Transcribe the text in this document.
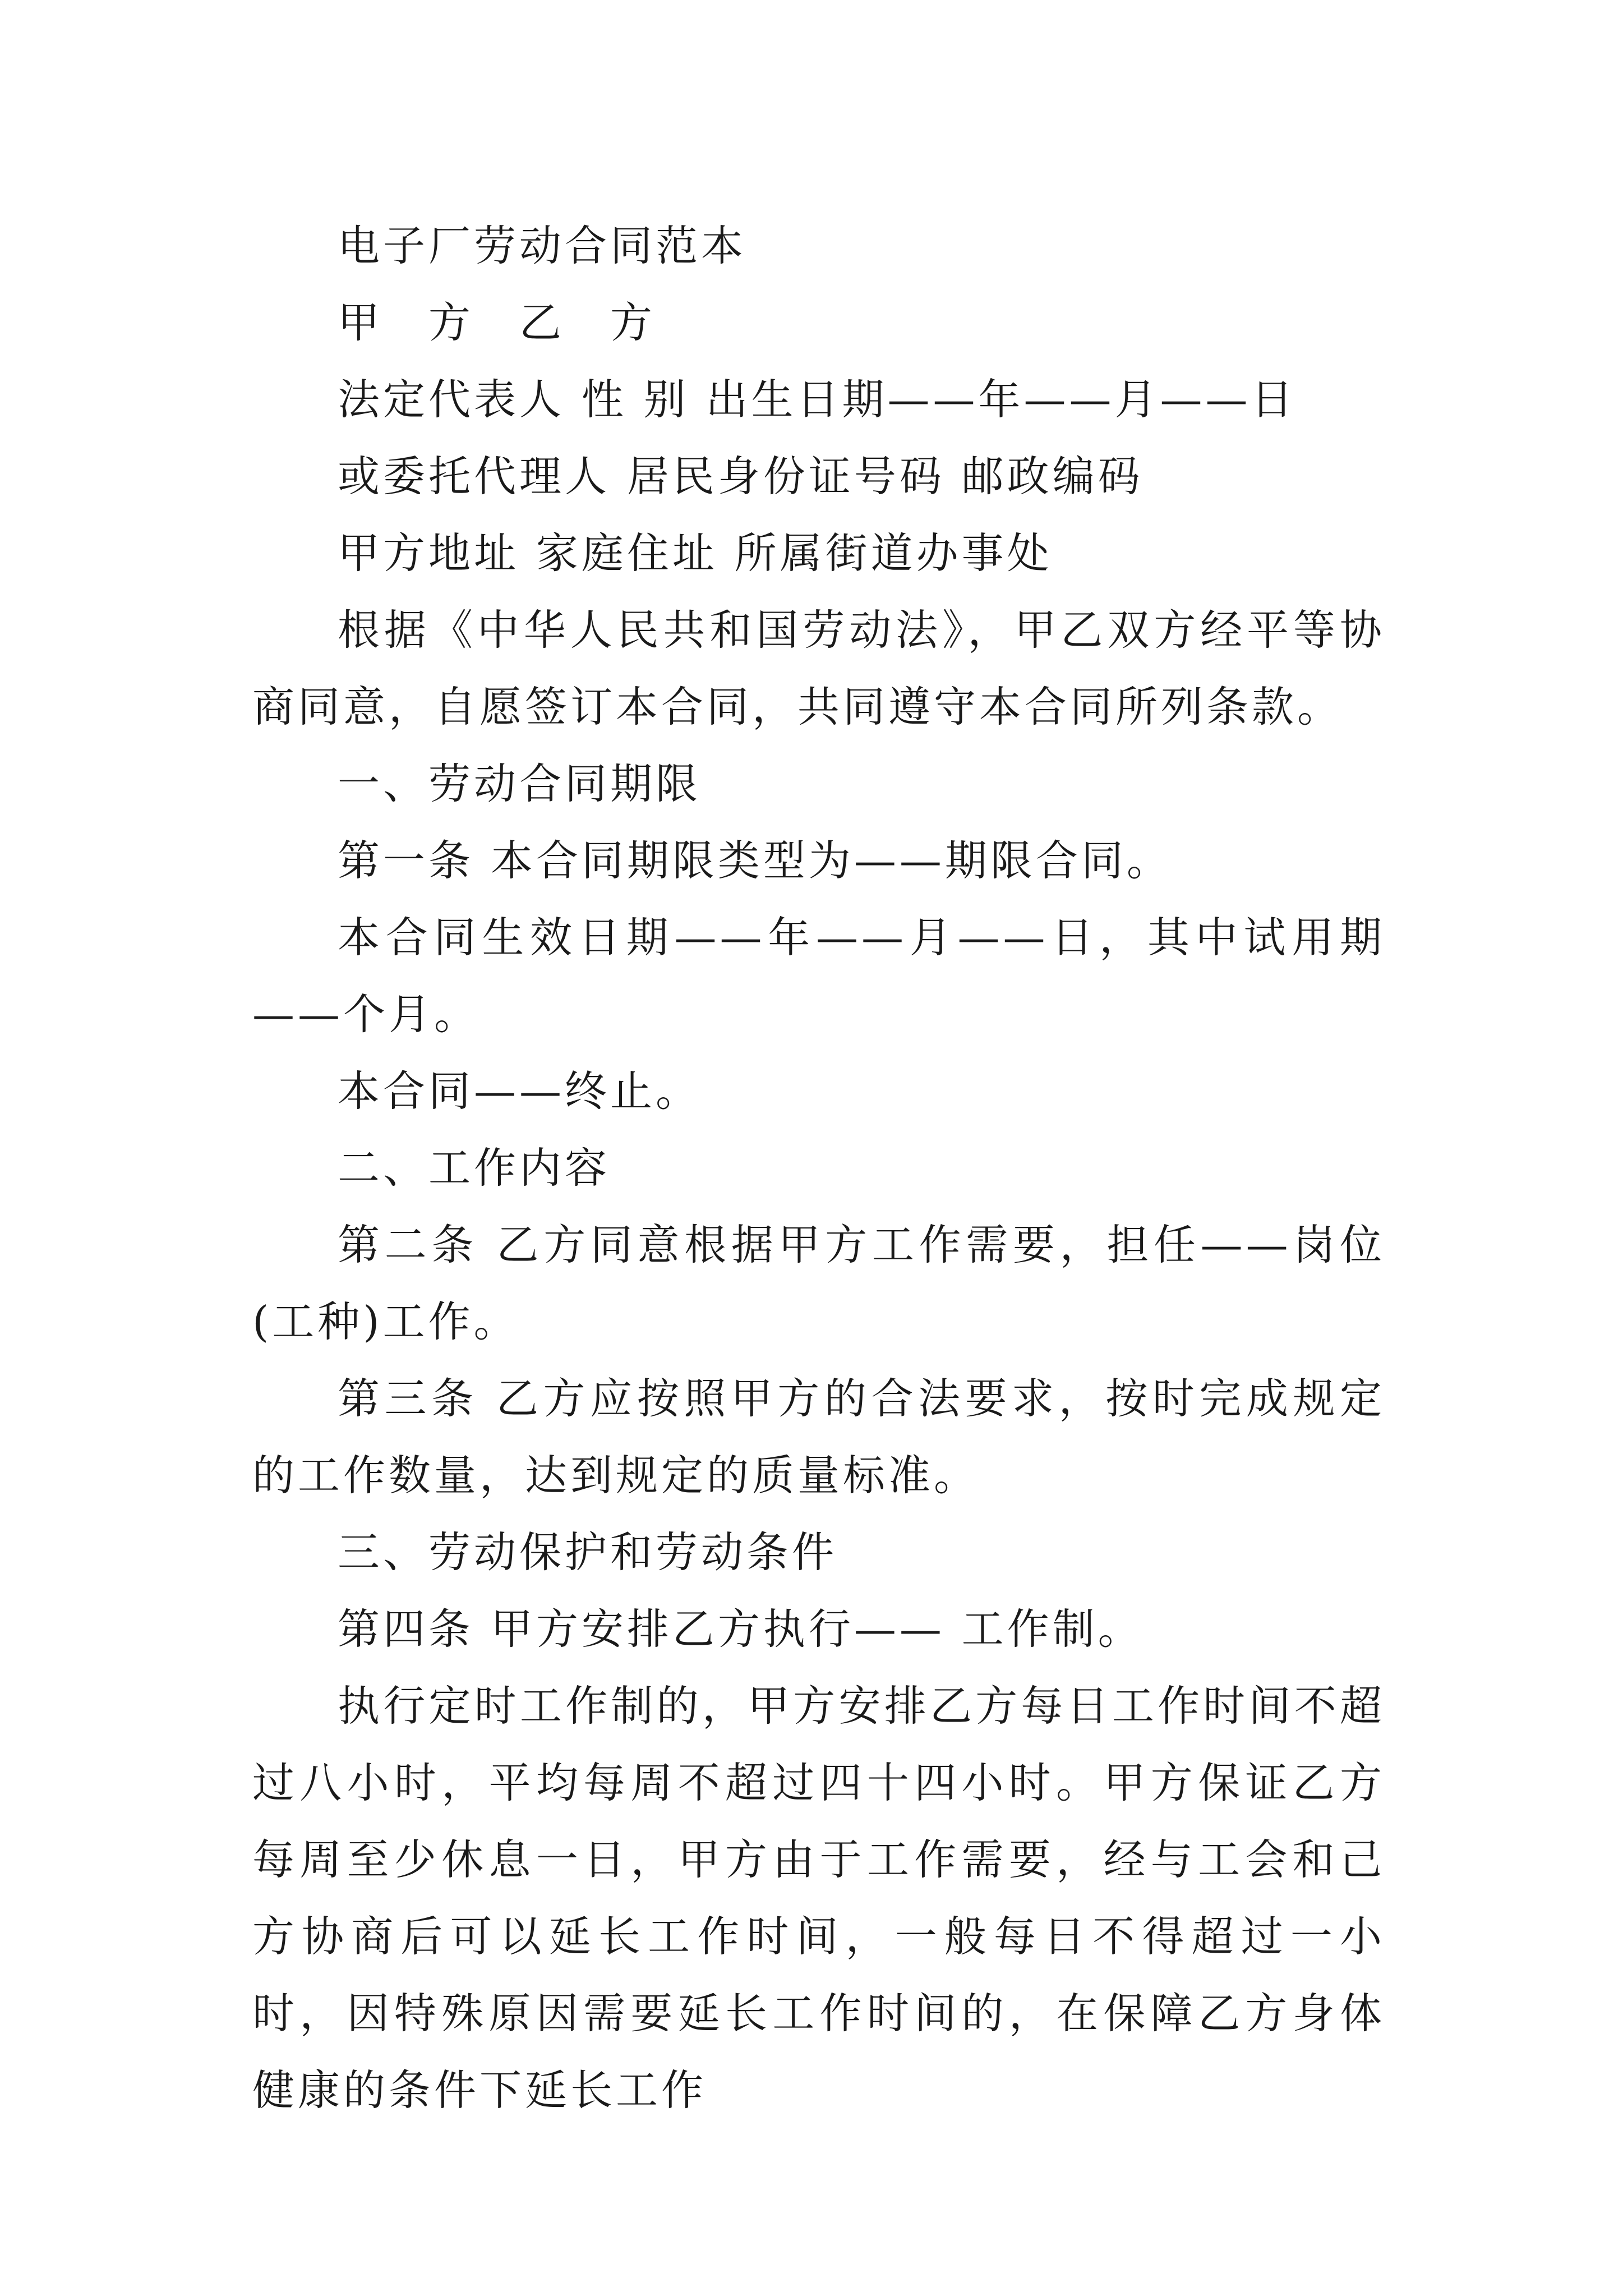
电子厂劳动合同范本

甲　方　乙　方

法定代表人 性 别 出生日期——年——月——日

或委托代理人 居民身份证号码 邮政编码

甲方地址 家庭住址 所属街道办事处

根据《中华人民共和国劳动法》，甲乙双方经平等协商同意，自愿签订本合同，共同遵守本合同所列条款。

一、劳动合同期限

第一条 本合同期限类型为——期限合同。

本合同生效日期——年——月——日，其中试用期——个月。

本合同——终止。

二、工作内容

第二条 乙方同意根据甲方工作需要，担任——岗位(工种)工作。

第三条 乙方应按照甲方的合法要求，按时完成规定的工作数量，达到规定的质量标准。

三、劳动保护和劳动条件

第四条 甲方安排乙方执行—— 工作制。

执行定时工作制的，甲方安排乙方每日工作时间不超过八小时，平均每周不超过四十四小时。甲方保证乙方每周至少休息一日，甲方由于工作需要，经与工会和己方协商后可以延长工作时间，一般每日不得超过一小时，因特殊原因需要延长工作时间的，在保障乙方身体健康的条件下延长工作
